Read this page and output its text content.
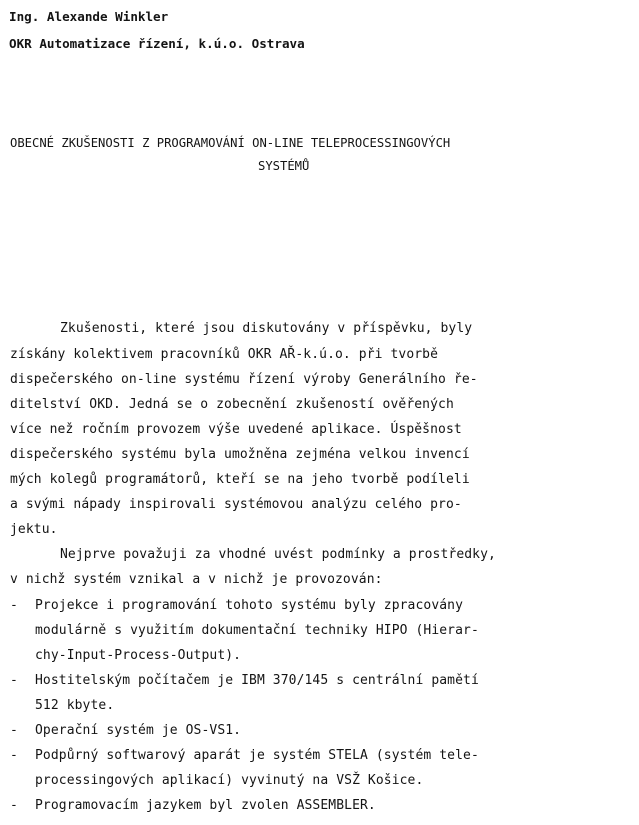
Ing. Alexande Winkler
OKR Automatizace řízení, k.ú.o. Ostrava
OBECNÉ ZKUŠENOSTI Z PROGRAMOVÁNÍ ON-LINE TELEPROCESSINGOVÝCH
SYSTÉMŮ
Zkušenosti, které jsou diskutovány v příspěvku, byly
získány kolektivem pracovníků OKR AŘ-k.ú.o. při tvorbě
dispečerského on-line systému řízení výroby Generálního ře-
ditelství OKD. Jedná se o zobecnění zkušeností ověřených
více než ročním provozem výše uvedené aplikace. Úspěšnost
dispečerského systému byla umožněna zejména velkou invencí
mých kolegů programátorů, kteří se na jeho tvorbě podíleli
a svými nápady inspirovali systémovou analýzu celého pro-
jektu.
Nejprve považuji za vhodné uvést podmínky a prostředky,
v nichž systém vznikal a v nichž je provozován:
- Projekce i programování tohoto systému byly zpracovány
modulárně s využitím dokumentační techniky HIPO (Hierar-
chy-Input-Process-Output).
- Hostitelským počítačem je IBM 370/145 s centrální pamětí
512 kbyte.
- Operační systém je OS-VS1.
- Podpůrný softwarový aparát je systém STELA (systém tele-
processingových aplikací) vyvinutý na VSŽ Košice.
- Programovacím jazykem byl zvolen ASSEMBLER.
